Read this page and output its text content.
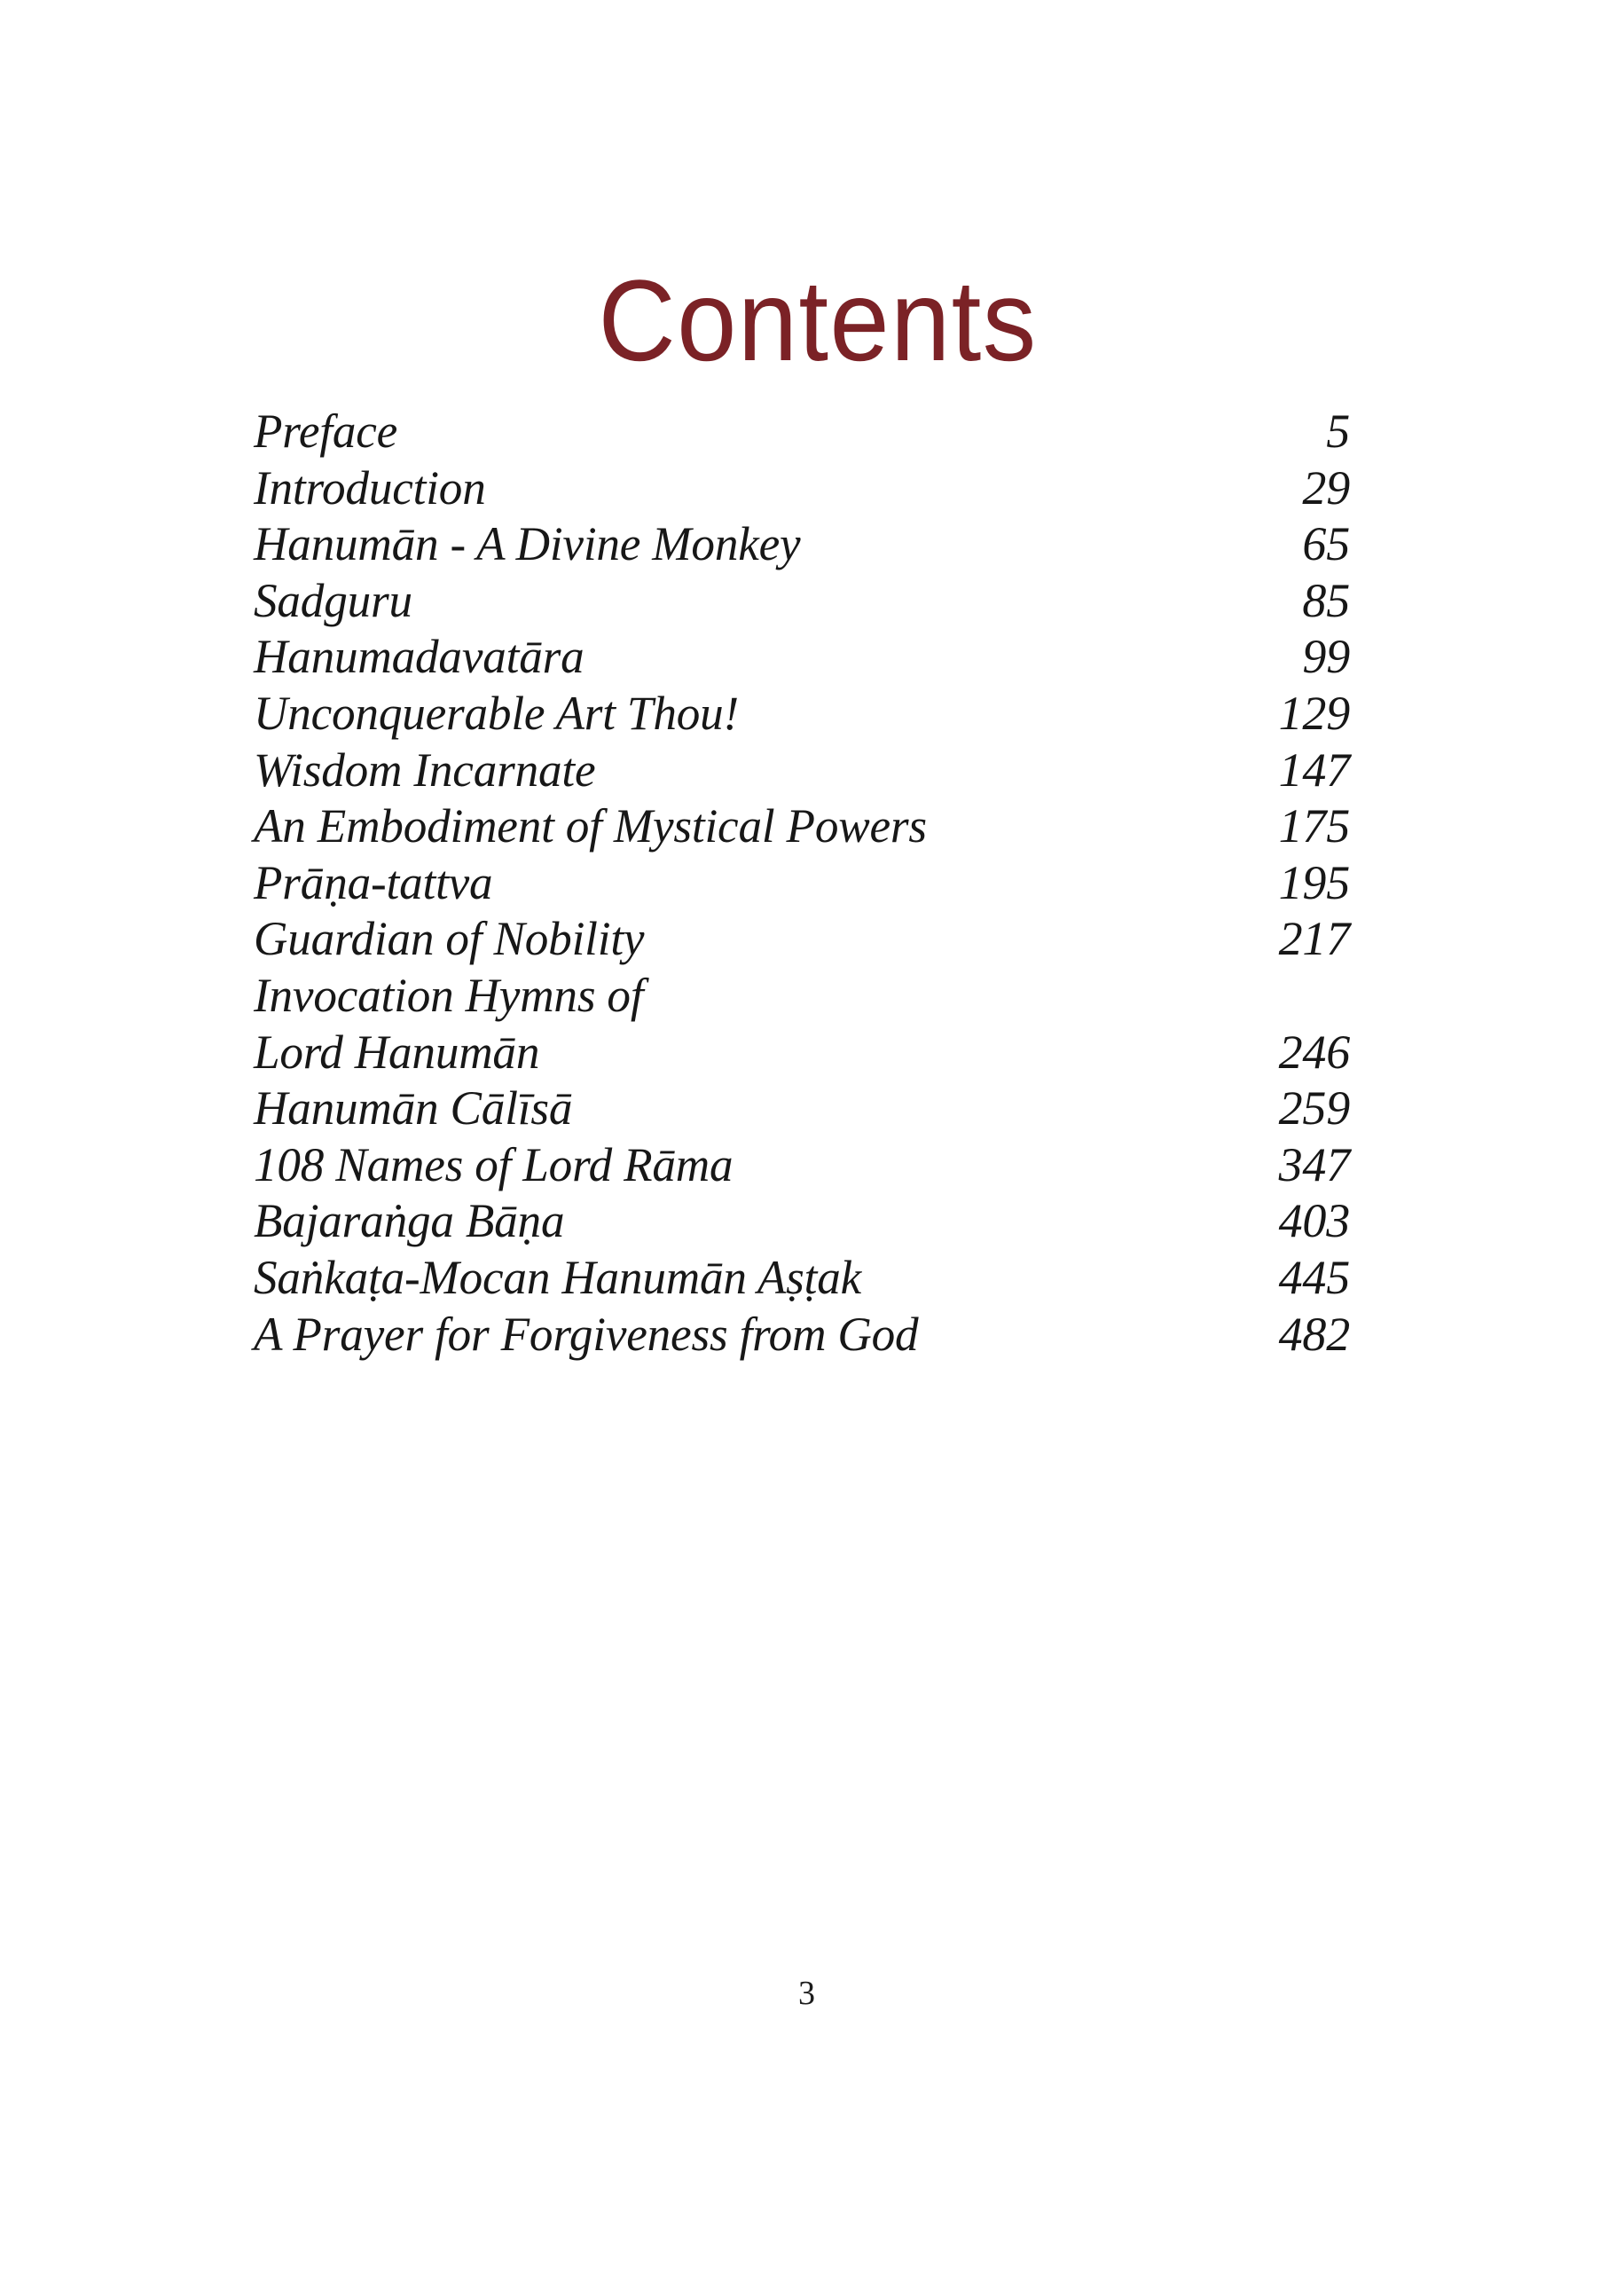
Contents
Preface	5
Introduction	29
Hanumān - A Divine Monkey	65
Sadguru	85
Hanumadavatāra	99
Unconquerable Art Thou!	129
Wisdom Incarnate	147
An Embodiment of Mystical Powers	175
Prāṇa-tattva	195
Guardian of Nobility	217
Invocation Hymns of
Lord Hanumān	246
Hanumān Cālīsā	259
108 Names of Lord Rāma	347
Bajaraṅga Bāṇa	403
Saṅkaṭa-Mocan Hanumān Aṣṭak	445
A Prayer for Forgiveness from God	482
3
